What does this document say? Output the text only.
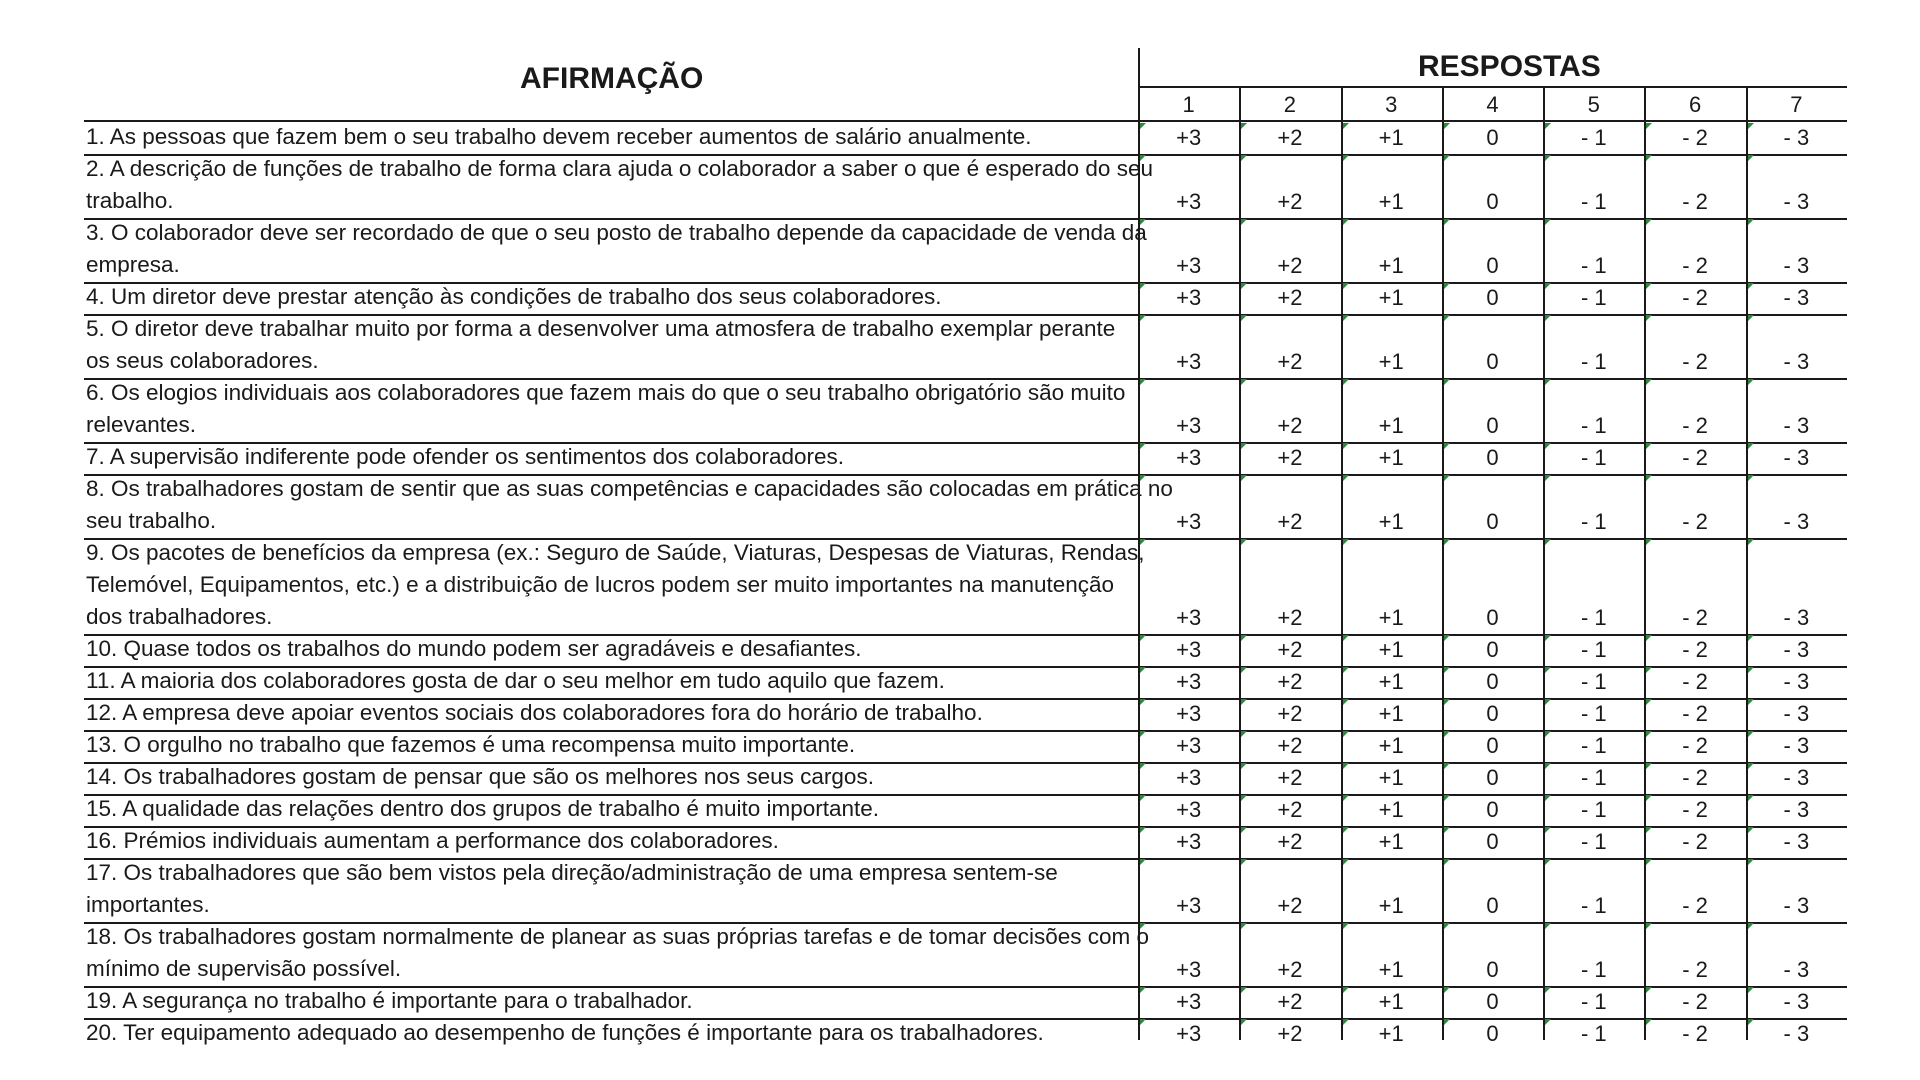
AFIRMAÇÃO	RESPOSTAS
1	2	3	4	5	6	7
1. As pessoas que fazem bem o seu trabalho devem receber aumentos de salário anualmente.	+3	+2	+1	0	- 1	- 2	- 3
2. A descrição de funções de trabalho de forma clara ajuda o colaborador a saber o que é esperado do seu
trabalho.	+3	+2	+1	0	- 1	- 2	- 3
3. O colaborador deve ser recordado de que o seu posto de trabalho depende da capacidade de venda da
empresa.	+3	+2	+1	0	- 1	- 2	- 3
4. Um diretor deve prestar atenção às condições de trabalho dos seus colaboradores.	+3	+2	+1	0	- 1	- 2	- 3
5. O diretor deve trabalhar muito por forma a desenvolver uma atmosfera de trabalho exemplar perante
os seus colaboradores.	+3	+2	+1	0	- 1	- 2	- 3
6. Os elogios individuais aos colaboradores que fazem mais do que o seu trabalho obrigatório são muito
relevantes.	+3	+2	+1	0	- 1	- 2	- 3
7. A supervisão indiferente pode ofender os sentimentos dos colaboradores.	+3	+2	+1	0	- 1	- 2	- 3
8. Os trabalhadores gostam de sentir que as suas competências e capacidades são colocadas em prática no
seu trabalho.	+3	+2	+1	0	- 1	- 2	- 3
9. Os pacotes de benefícios da empresa (ex.: Seguro de Saúde, Viaturas, Despesas de Viaturas, Rendas,
Telemóvel, Equipamentos, etc.) e a distribuição de lucros podem ser muito importantes na manutenção
dos trabalhadores.	+3	+2	+1	0	- 1	- 2	- 3
10. Quase todos os trabalhos do mundo podem ser agradáveis e desafiantes.	+3	+2	+1	0	- 1	- 2	- 3
11. A maioria dos colaboradores gosta de dar o seu melhor em tudo aquilo que fazem.	+3	+2	+1	0	- 1	- 2	- 3
12. A empresa deve apoiar eventos sociais dos colaboradores fora do horário de trabalho.	+3	+2	+1	0	- 1	- 2	- 3
13. O orgulho no trabalho que fazemos é uma recompensa muito importante.	+3	+2	+1	0	- 1	- 2	- 3
14. Os trabalhadores gostam de pensar que são os melhores nos seus cargos.	+3	+2	+1	0	- 1	- 2	- 3
15. A qualidade das relações dentro dos grupos de trabalho é muito importante.	+3	+2	+1	0	- 1	- 2	- 3
16. Prémios individuais aumentam a performance dos colaboradores.	+3	+2	+1	0	- 1	- 2	- 3
17. Os trabalhadores que são bem vistos pela direção/administração de uma empresa sentem-se
importantes.	+3	+2	+1	0	- 1	- 2	- 3
18. Os trabalhadores gostam normalmente de planear as suas próprias tarefas e de tomar decisões com o
mínimo de supervisão possível.	+3	+2	+1	0	- 1	- 2	- 3
19. A segurança no trabalho é importante para o trabalhador.	+3	+2	+1	0	- 1	- 2	- 3
20. Ter equipamento adequado ao desempenho de funções é importante para os trabalhadores.	+3	+2	+1	0	- 1	- 2	- 3
